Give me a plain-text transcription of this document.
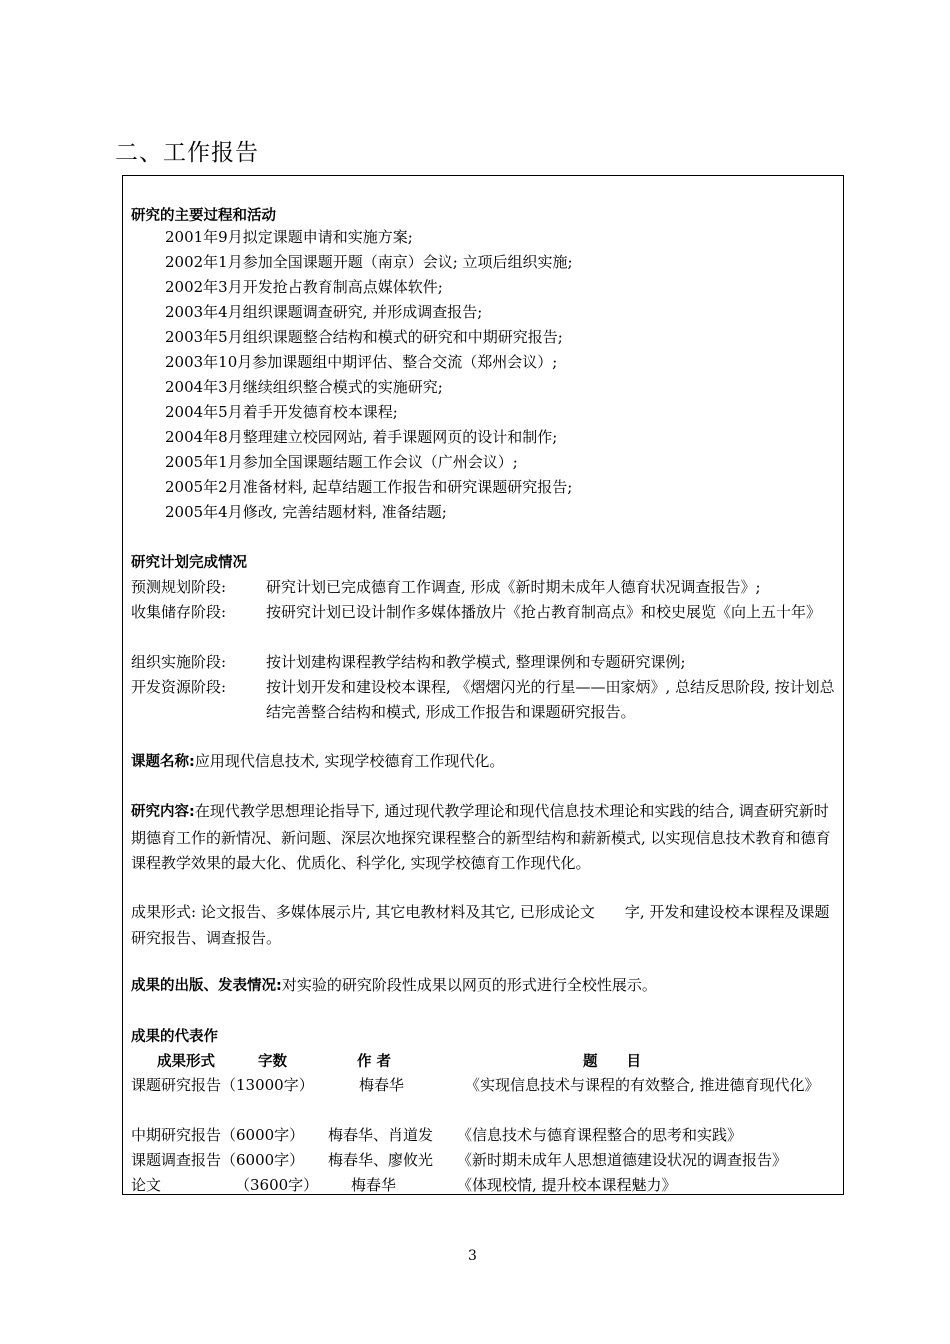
二、工作报告
研究的主要过程和活动
2001年9月拟定课题申请和实施方案;
2002年1月参加全国课题开题（南京）会议; 立项后组织实施;
2002年3月开发抢占教育制高点媒体软件;
2003年4月组织课题调查研究, 并形成调查报告;
2003年5月组织课题整合结构和模式的研究和中期研究报告;
2003年10月参加课题组中期评估、整合交流（郑州会议）;
2004年3月继续组织整合模式的实施研究;
2004年5月着手开发德育校本课程;
2004年8月整理建立校园网站, 着手课题网页的设计和制作;
2005年1月参加全国课题结题工作会议（广州会议）;
2005年2月准备材料, 起草结题工作报告和研究课题研究报告;
2005年4月修改, 完善结题材料, 准备结题;
研究计划完成情况
预测规划阶段:	研究计划已完成德育工作调查, 形成《新时期未成年人德育状况调查报告》;
收集储存阶段:	按研究计划已设计制作多媒体播放片《抢占教育制高点》和校史展览《向上五十年》
组织实施阶段:	按计划建构课程教学结构和教学模式, 整理课例和专题研究课例;
开发资源阶段:	按计划开发和建设校本课程, 《熠熠闪光的行星——田家炳》, 总结反思阶段, 按计划总结完善整合结构和模式, 形成工作报告和课题研究报告。
课题名称:应用现代信息技术, 实现学校德育工作现代化。
研究内容:在现代教学思想理论指导下, 通过现代教学理论和现代信息技术理论和实践的结合, 调查研究新时期德育工作的新情况、新问题、深层次地探究课程整合的新型结构和薪新模式, 以实现信息技术教育和德育课程教学效果的最大化、优质化、科学化, 实现学校德育工作现代化。
成果形式: 论文报告、多媒体展示片, 其它电教材料及其它, 已形成论文　　字, 开发和建设校本课程及课题研究报告、调查报告。
成果的出版、发表情况:对实验的研究阶段性成果以网页的形式进行全校性展示。
成果的代表作
成果形式	字数	作 者	题　　目
课题研究报告（13000字）	梅春华	《实现信息技术与课程的有效整合, 推进德育现代化》
中期研究报告（6000字） 梅春华、肖道发 《信息技术与德育课程整合的思考和实践》
课题调查报告（6000字） 梅春华、廖攸光 《新时期未成年人思想道德建设状况的调查报告》
论文	（3600字） 梅春华	《体现校情, 提升校本课程魅力》
3
